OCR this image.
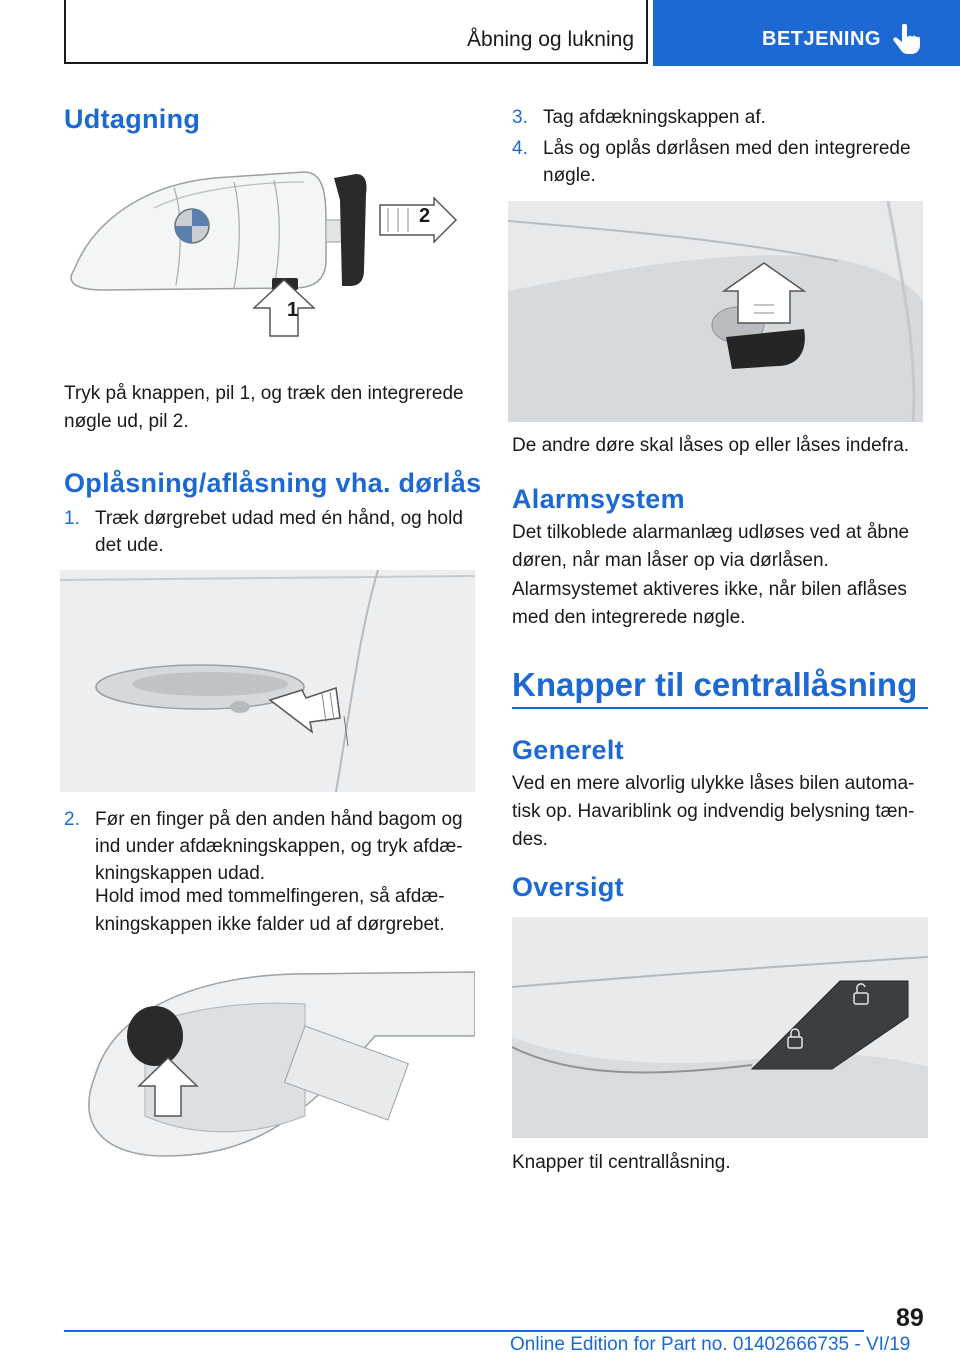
Åbning og lukning	BETJENING
Udtagning
1
2
Tryk på knappen, pil 1, og træk den integrerede
nøgle ud, pil 2.
Oplåsning/aflåsning vha. dørlås
1. Træk dørgrebet udad med én hånd, og hold
det ude.
2. Før en finger på den anden hånd bagom og
ind under afdækningskappen, og tryk afdæ‐
kningskappen udad.
Hold imod med tommelfingeren, så afdæ‐
kningskappen ikke falder ud af dørgrebet.
3. Tag afdækningskappen af.
4. Lås og oplås dørlåsen med den integrerede
nøgle.
De andre døre skal låses op eller låses indefra.
Alarmsystem
Det tilkoblede alarmanlæg udløses ved at åbne
døren, når man låser op via dørlåsen.
Alarmsystemet aktiveres ikke, når bilen aflåses
med den integrerede nøgle.
Knapper til centrallåsning
Generelt
Ved en mere alvorlig ulykke låses bilen automa‐
tisk op. Havariblink og indvendig belysning tæn‐
des.
Oversigt
Knapper til centrallåsning.
89
Online Edition for Part no. 01402666735 - VI/19
